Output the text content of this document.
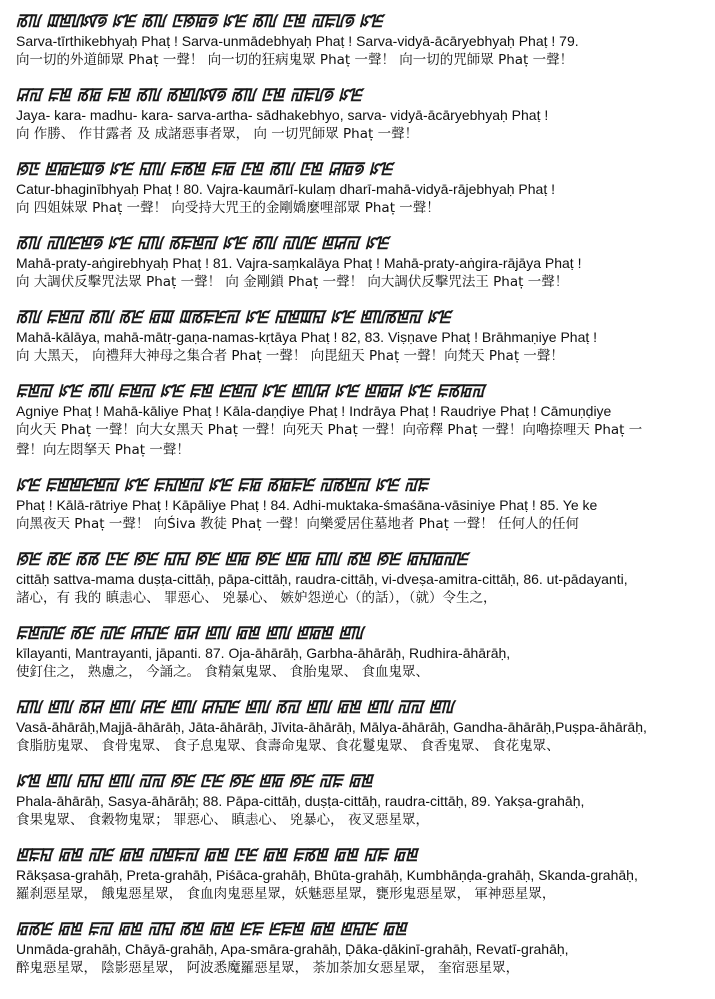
ꡏꡃ ꡉꡁꡦꡤꡟ ꡜꡈ ꡏꡃ ꡇꡐꡂꡟ ꡜꡈ ꡏꡃ ꡇꡁ ꡌꡀꡦꡟ ꡜꡈ
Sarva-tīrthikebhyaḥ Phaṭ ! Sarva-unmādebhyaḥ Phaṭ ! Sarva-vidyā-ācāryebhyaḥ Phaṭ ! 79.
向一切的外道師眾 Phaṭ 一聲！ 向一切的狂病鬼眾 Phaṭ 一聲！ 向一切的咒師眾 Phaṭ 一聲！
ꡒꡌ ꡀꡁ ꡏꡂ ꡀꡁ ꡏꡃ ꡏꡁꡦꡤꡟ ꡏꡃ ꡇꡁ ꡌꡀꡦꡟ ꡜꡈ
Jaya- kara- madhu- kara- sarva-artha- sādhakebhyo, sarva- vidyā-ācāryebhyaḥ Phaṭ !
向 作勝、 作甘露者 及 成諸惡事者眾， 向 一切咒師眾 Phaṭ 一聲！
ꡐꡇ ꡁꡂꡈꡉꡟ ꡜꡈ ꡎꡃ ꡀꡏꡁ ꡀꡂ ꡇꡁ ꡏꡃ ꡇꡁ ꡒꡂꡟ ꡜꡈ
Catur-bhaginībhyaḥ Phaṭ ! 80. Vajra-kaumārī-kulaṃ dharī-mahā-vidyā-rājebhyaḥ Phaṭ !
向 四姐妹眾 Phaṭ 一聲！ 向受持大咒王的金剛嬌麼哩部眾 Phaṭ 一聲！
ꡏꡃ ꡌꡦꡈꡁꡟ ꡜꡈ ꡎꡃ ꡏꡀꡁꡌ ꡜꡈ ꡏꡃ ꡌꡦꡈ ꡁꡒꡌ ꡜꡈ
Mahā-praty-aṅgirebhyaḥ Phaṭ ! 81. Vajra-saṃkalāya Phaṭ ! Mahā-praty-aṅgira-rājāya Phaṭ !
向 大調伏反擊咒法眾 Phaṭ 一聲！ 向 金剛鎖 Phaṭ 一聲！ 向大調伏反擊咒法王 Phaṭ 一聲！
ꡏꡃ ꡀꡁꡌ ꡏꡃ ꡏꡈ ꡂꡉ ꡉꡏꡀꡈꡌ ꡜꡈ ꡎꡁꡉꡎ ꡜꡈ ꡁꡃꡏꡁꡌ ꡜꡈ
Mahā-kālāya, mahā-mātṛ-gaṇa-namas-kṛtāya Phaṭ ! 82, 83. Viṣṇave Phaṭ ! Brāhmaṇiye Phaṭ !
向 大黑天， 向禮拜大神母之集合者 Phaṭ 一聲！ 向毘紐天 Phaṭ 一聲！向梵天 Phaṭ 一聲！
ꡀꡁꡌ ꡜꡈ ꡏꡃ ꡀꡁꡌ ꡜꡈ ꡀꡁ ꡈꡁꡌ ꡜꡈ ꡁꡃꡒ ꡜꡈ ꡁꡂꡒ ꡜꡈ ꡀꡏꡂꡌ
Agniye Phaṭ ! Mahā-kāliye Phaṭ ! Kāla-daṇḍiye Phaṭ ! Indrāya Phaṭ ! Raudriye Phaṭ ! Cāmuṇḍiye
向火天 Phaṭ 一聲！向大女黑天 Phaṭ 一聲！向死天 Phaṭ 一聲！向帝釋 Phaṭ 一聲！向嚕捺哩天 Phaṭ 一
聲！向左悶拏天 Phaṭ 一聲！
ꡜꡈ ꡀꡁꡁꡈꡁꡌ ꡜꡈ ꡀꡎꡁꡌ ꡜꡈ ꡀꡂ ꡏꡂꡀꡈ ꡌꡏꡁꡌ ꡜꡈ ꡌꡀ
Phaṭ ! Kālā-rātriye Phaṭ ! Kāpāliye Phaṭ ! 84. Adhi-muktaka-śmaśāna-vāsiniye Phaṭ ! 85. Ye ke
向黑夜天 Phaṭ 一聲！ 向Śiva 教徒 Phaṭ 一聲！向樂愛居住墓地者 Phaṭ 一聲！ 任何人的任何
ꡐꡈ ꡏꡈ ꡏꡏ ꡇꡈ ꡐꡈ ꡎꡎ ꡐꡈ ꡁꡂ ꡐꡈ ꡁꡂ ꡎꡃ ꡏꡁ ꡐꡈ ꡂꡎꡂꡌꡈ
cittāḥ sattva-mama duṣṭa-cittāḥ, pāpa-cittāḥ, raudra-cittāḥ, vi-dveṣa-amitra-cittāḥ, 86. ut-pādayanti,
諸心，有 我的 瞋恚心、 罪惡心、 兇暴心、 嫉妒怨逆心（的話），（就）令生之，
ꡀꡁꡌꡈ ꡏꡈ ꡌꡈ ꡒꡎꡈ ꡂꡒ ꡁꡃ ꡂꡁ ꡁꡃ ꡁꡂꡁ ꡁꡃ
kīlayanti, Mantrayanti, jāpanti. 87. Oja-āhārāḥ, Garbha-āhārāḥ, Rudhira-āhārāḥ,
使釘住之， 熟慮之， 今誦之。 食精氣鬼眾、 食胎鬼眾、 食血鬼眾、
ꡎꡃ ꡁꡃ ꡏꡒ ꡁꡃ ꡒꡈ ꡁꡃ ꡒꡎꡈ ꡁꡃ ꡏꡌ ꡁꡃ ꡂꡁ ꡁꡃ ꡌꡌ ꡁꡃ
Vasā-āhārāḥ,Majjā-āhārāḥ, Jāta-āhārāḥ, Jīvita-āhārāḥ, Mālya-āhārāḥ, Gandha-āhārāḥ,Puṣpa-āhārāḥ,
食脂肪鬼眾、 食骨鬼眾、 食子息鬼眾、食壽命鬼眾、食花鬘鬼眾、 食香鬼眾、 食花鬼眾、
ꡜꡁ ꡁꡃ ꡎꡎ ꡁꡃ ꡌꡌ ꡐꡈ ꡇꡈ ꡐꡈ ꡁꡂ ꡐꡈ ꡌꡀ ꡂꡁ
Phala-āhārāḥ, Sasya-āhārāḥ; 88. Pāpa-cittāḥ, duṣṭa-cittāḥ, raudra-cittāḥ, 89. Yakṣa-grahāḥ,
食果鬼眾、 食穀物鬼眾； 罪惡心、 瞋恚心、 兇暴心， 夜叉惡星眾，
ꡁꡀꡎ ꡂꡁ ꡌꡈ ꡂꡁ ꡌꡁꡀꡌ ꡂꡁ ꡇꡈ ꡂꡁ ꡀꡏꡁ ꡂꡁ ꡎꡀ ꡂꡁ
Rākṣasa-grahāḥ, Preta-grahāḥ, Piśāca-grahāḥ, Bhūta-grahāḥ, Kumbhāṇḍa-grahāḥ, Skanda-grahāḥ,
羅刹惡星眾， 餓鬼惡星眾， 食血肉鬼惡星眾，妖魅惡星眾，甕形鬼惡星眾， 軍神惡星眾，
ꡂꡏꡈ ꡂꡁ ꡀꡌ ꡂꡁ ꡌꡎ ꡏꡁ ꡂꡁ ꡈꡀ ꡈꡀꡁ ꡂꡁ ꡁꡎꡈ ꡂꡁ
Unmāda-grahāḥ, Chāyā-grahāḥ, Apa-smāra-grahāḥ, Ḍāka-ḍākinī-grahāḥ, Revatī-grahāḥ,
醉鬼惡星眾， 陰影惡星眾， 阿波悉魔羅惡星眾， 荼加荼加女惡星眾， 奎宿惡星眾，
